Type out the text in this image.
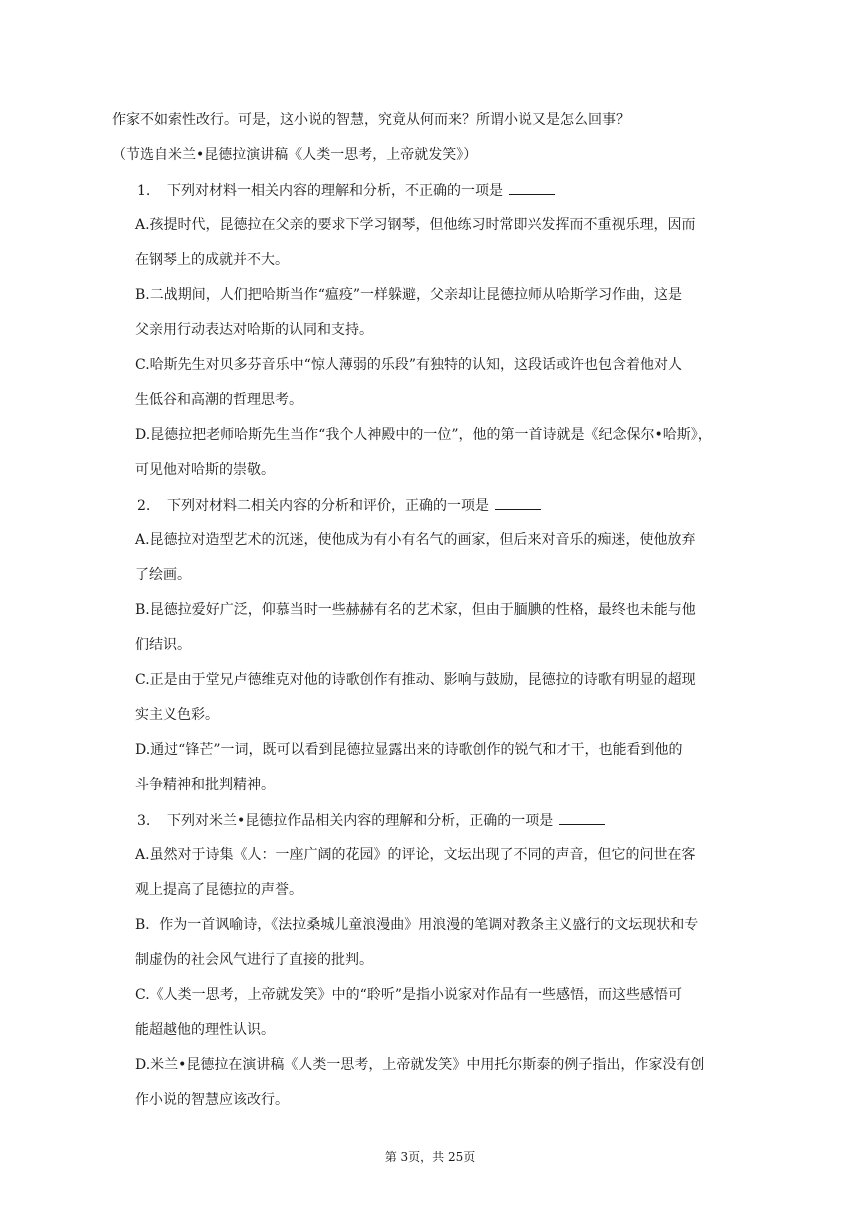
作家不如索性改行。可是，这小说的智慧，究竟从何而来？所谓小说又是怎么回事？
（节选自米兰•昆德拉演讲稿《人类一思考，上帝就发笑》）
1. 下列对材料一相关内容的理解和分析，不正确的一项是
A.孩提时代，昆德拉在父亲的要求下学习钢琴，但他练习时常即兴发挥而不重视乐理，因而
在钢琴上的成就并不大。
B.二战期间，人们把哈斯当作“瘟疫”一样躲避，父亲却让昆德拉师从哈斯学习作曲，这是
父亲用行动表达对哈斯的认同和支持。
C.哈斯先生对贝多芬音乐中“惊人薄弱的乐段”有独特的认知，这段话或许也包含着他对人
生低谷和高潮的哲理思考。
D.昆德拉把老师哈斯先生当作“我个人神殿中的一位”，他的第一首诗就是《纪念保尔•哈斯》，
可见他对哈斯的崇敬。
2. 下列对材料二相关内容的分析和评价，正确的一项是
A.昆德拉对造型艺术的沉迷，使他成为有小有名气的画家，但后来对音乐的痴迷，使他放弃
了绘画。
B.昆德拉爱好广泛，仰慕当时一些赫赫有名的艺术家，但由于腼腆的性格，最终也未能与他
们结识。
C.正是由于堂兄卢德维克对他的诗歌创作有推动、影响与鼓励，昆德拉的诗歌有明显的超现
实主义色彩。
D.通过“锋芒”一词，既可以看到昆德拉显露出来的诗歌创作的锐气和才干，也能看到他的
斗争精神和批判精神。
3. 下列对米兰•昆德拉作品相关内容的理解和分析，正确的一项是
A.虽然对于诗集《人：一座广阔的花园》的评论，文坛出现了不同的声音，但它的问世在客
观上提高了昆德拉的声誉。
B．作为一首讽喻诗，《法拉桑城儿童浪漫曲》用浪漫的笔调对教条主义盛行的文坛现状和专
制虚伪的社会风气进行了直接的批判。
C.《人类一思考，上帝就发笑》中的“聆听”是指小说家对作品有一些感悟，而这些感悟可
能超越他的理性认识。
D.米兰•昆德拉在演讲稿《人类一思考，上帝就发笑》中用托尔斯泰的例子指出，作家没有创
作小说的智慧应该改行。
第 3页，共 25页
